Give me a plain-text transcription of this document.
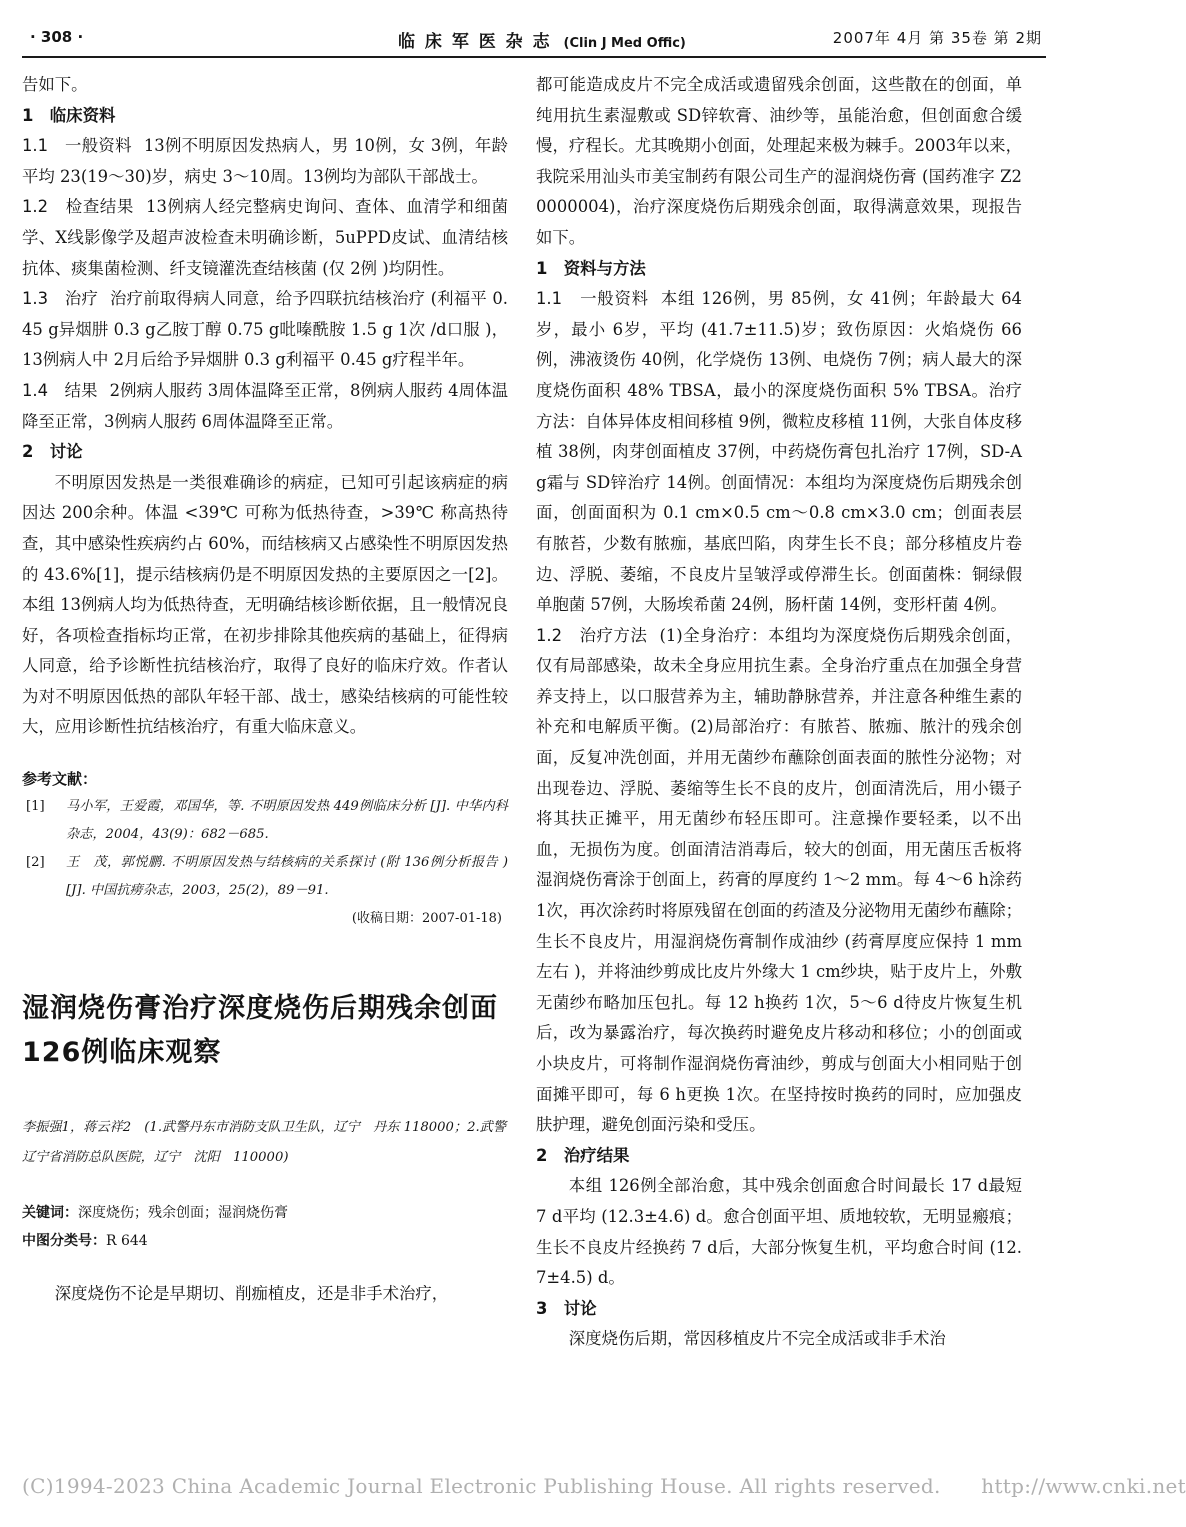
· 308 ·	临 床 军 医 杂 志 (Clin J Med Offic)	2007年 4月 第 35卷 第 2期
告如下。
1　临床资料
1.1　一般资料 13例不明原因发热病人，男 10例，女 3例，年龄平均 23(19～30)岁，病史 3～10周。13例均为部队干部战士。
1.2　检查结果 13例病人经完整病史询问、查体、血清学和细菌学、X线影像学及超声波检查未明确诊断，5uPPD皮试、血清结核抗体、痰集菌检测、纤支镜灌洗查结核菌 (仅 2例 )均阴性。
1.3　治疗 治疗前取得病人同意，给予四联抗结核治疗 (利福平 0.45 g异烟肼 0.3 g乙胺丁醇 0.75 g吡嗪酰胺 1.5 g 1次 /d口服 )，13例病人中 2月后给予异烟肼 0.3 g利福平 0.45 g疗程半年。
1.4　结果 2例病人服药 3周体温降至正常，8例病人服药 4周体温降至正常，3例病人服药 6周体温降至正常。
2　讨论
不明原因发热是一类很难确诊的病症，已知可引起该病症的病因达 200余种。体温 <39℃ 可称为低热待查，>39℃ 称高热待查，其中感染性疾病约占 60%，而结核病又占感染性不明原因发热的 43.6%[1]，提示结核病仍是不明原因发热的主要原因之一[2]。本组 13例病人均为低热待查，无明确结核诊断依据，且一般情况良好，各项检查指标均正常，在初步排除其他疾病的基础上，征得病人同意，给予诊断性抗结核治疗，取得了良好的临床疗效。作者认为对不明原因低热的部队年轻干部、战士，感染结核病的可能性较大，应用诊断性抗结核治疗，有重大临床意义。
参考文献：
[1]	马小军，王爱霞，邓国华，等. 不明原因发热 449例临床分析 [J]. 中华内科杂志，2004，43(9)：682－685.
[2]	王　茂，郭悦鹏. 不明原因发热与结核病的关系探讨 (附 136例分析报告 ) [J]. 中国抗痨杂志，2003，25(2)，89－91.
(收稿日期：2007-01-18)
湿润烧伤膏治疗深度烧伤后期残余创面 126例临床观察
李振强1，蒋云祥2　(1.武警丹东市消防支队卫生队，辽宁　丹东 118000；2.武警辽宁省消防总队医院，辽宁　沈阳　110000)
关键词：深度烧伤；残余创面；湿润烧伤膏
中图分类号：R 644
深度烧伤不论是早期切、削痂植皮，还是非手术治疗，
都可能造成皮片不完全成活或遗留残余创面，这些散在的创面，单纯用抗生素湿敷或 SD锌软膏、油纱等，虽能治愈，但创面愈合缓慢，疗程长。尤其晚期小创面，处理起来极为棘手。2003年以来，我院采用汕头市美宝制药有限公司生产的湿润烧伤膏 (国药准字 Z20000004)，治疗深度烧伤后期残余创面，取得满意效果，现报告如下。
1　资料与方法
1.1　一般资料 本组 126例，男 85例，女 41例；年龄最大 64岁，最小 6岁，平均 (41.7±11.5)岁；致伤原因：火焰烧伤 66例，沸液烫伤 40例，化学烧伤 13例、电烧伤 7例；病人最大的深度烧伤面积 48% TBSA，最小的深度烧伤面积 5% TBSA。治疗方法：自体异体皮相间移植 9例，微粒皮移植 11例，大张自体皮移植 38例，肉芽创面植皮 37例，中药烧伤膏包扎治疗 17例，SD-Ag霜与 SD锌治疗 14例。创面情况：本组均为深度烧伤后期残余创面，创面面积为 0.1 cm×0.5 cm～0.8 cm×3.0 cm；创面表层有脓苔，少数有脓痂，基底凹陷，肉芽生长不良；部分移植皮片卷边、浮脱、萎缩，不良皮片呈皱浮或停滞生长。创面菌株：铜绿假单胞菌 57例，大肠埃希菌 24例，肠杆菌 14例，变形杆菌 4例。
1.2　治疗方法 (1)全身治疗：本组均为深度烧伤后期残余创面，仅有局部感染，故未全身应用抗生素。全身治疗重点在加强全身营养支持上，以口服营养为主，辅助静脉营养，并注意各种维生素的补充和电解质平衡。(2)局部治疗：有脓苔、脓痂、脓汁的残余创面，反复冲洗创面，并用无菌纱布蘸除创面表面的脓性分泌物；对出现卷边、浮脱、萎缩等生长不良的皮片，创面清洗后，用小镊子将其扶正摊平，用无菌纱布轻压即可。注意操作要轻柔，以不出血，无损伤为度。创面清洁消毒后，较大的创面，用无菌压舌板将湿润烧伤膏涂于创面上，药膏的厚度约 1～2 mm。每 4～6 h涂药 1次，再次涂药时将原残留在创面的药渣及分泌物用无菌纱布蘸除；生长不良皮片，用湿润烧伤膏制作成油纱 (药膏厚度应保持 1 mm左右 )，并将油纱剪成比皮片外缘大 1 cm纱块，贴于皮片上，外敷无菌纱布略加压包扎。每 12 h换药 1次，5～6 d待皮片恢复生机后，改为暴露治疗，每次换药时避免皮片移动和移位；小的创面或小块皮片，可将制作湿润烧伤膏油纱，剪成与创面大小相同贴于创面摊平即可，每 6 h更换 1次。在坚持按时换药的同时，应加强皮肤护理，避免创面污染和受压。
2　治疗结果
本组 126例全部治愈，其中残余创面愈合时间最长 17 d最短 7 d平均 (12.3±4.6) d。愈合创面平坦、质地较软，无明显瘢痕；生长不良皮片经换药 7 d后，大部分恢复生机，平均愈合时间 (12.7±4.5) d。
3　讨论
深度烧伤后期，常因移植皮片不完全成活或非手术治
(C)1994-2023 China Academic Journal Electronic Publishing House. All rights reserved.　　http://www.cnki.net
